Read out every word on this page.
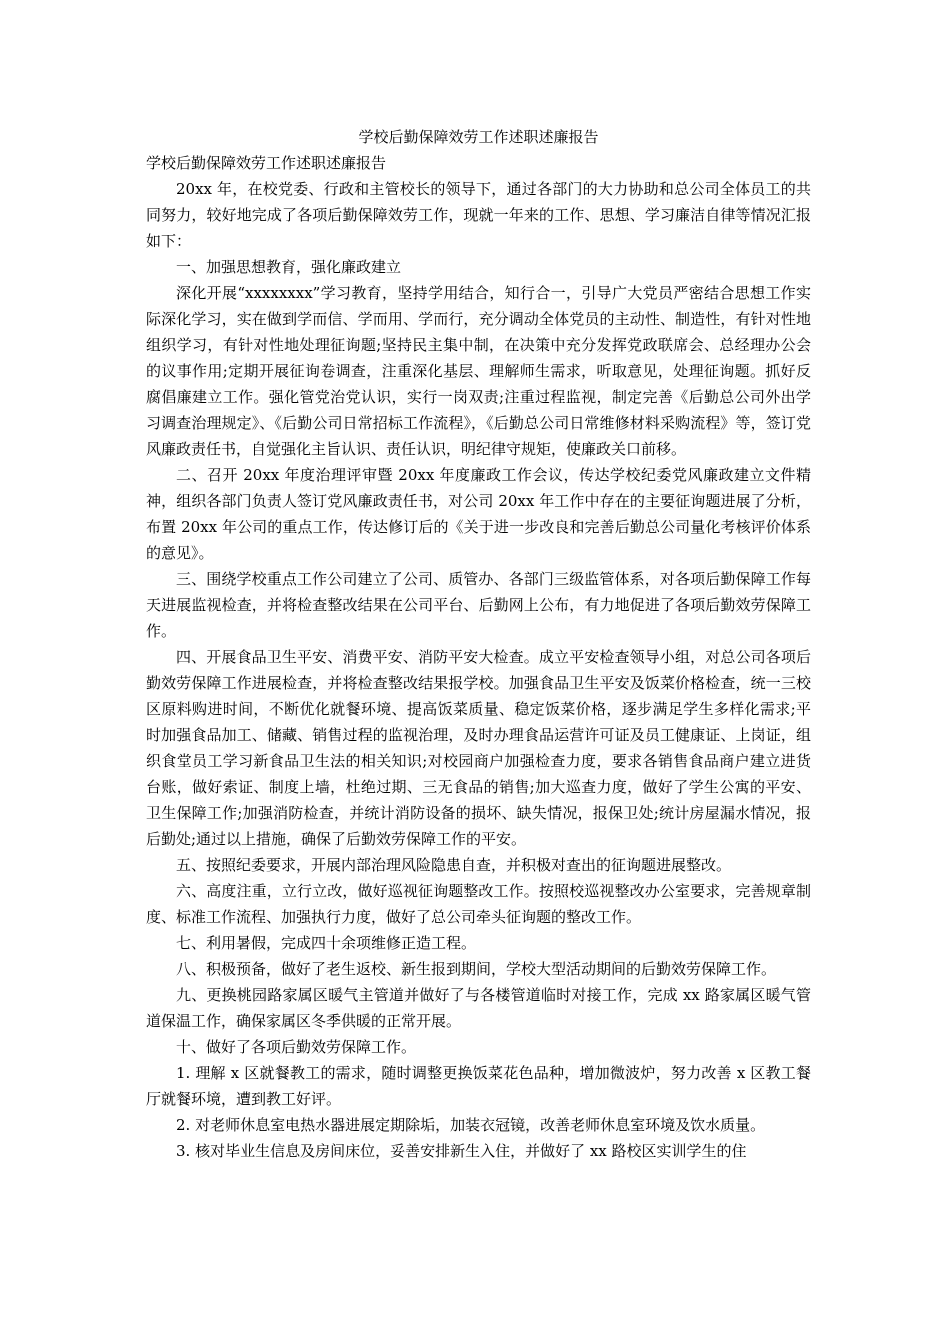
学校后勤保障效劳工作述职述廉报告
学校后勤保障效劳工作述职述廉报告

20xx 年，在校党委、行政和主管校长的领导下，通过各部门的大力协助和总公司全体员工的共同努力，较好地完成了各项后勤保障效劳工作，现就一年来的工作、思想、学习廉洁自律等情况汇报如下：

一、加强思想教育，强化廉政建立

深化开展“xxxxxxxx”学习教育，坚持学用结合，知行合一，引导广大党员严密结合思想工作实际深化学习，实在做到学而信、学而用、学而行，充分调动全体党员的主动性、制造性，有针对性地组织学习，有针对性地处理征询题;坚持民主集中制，在决策中充分发挥党政联席会、总经理办公会的议事作用;定期开展征询卷调查，注重深化基层、理解师生需求，听取意见，处理征询题。抓好反腐倡廉建立工作。强化管党治党认识，实行一岗双责;注重过程监视，制定完善《后勤总公司外出学习调查治理规定》、《后勤公司日常招标工作流程》，《后勤总公司日常维修材料采购流程》等，签订党风廉政责任书，自觉强化主旨认识、责任认识，明纪律守规矩，使廉政关口前移。

二、召开 20xx 年度治理评审暨 20xx 年度廉政工作会议，传达学校纪委党风廉政建立文件精神，组织各部门负责人签订党风廉政责任书，对公司 20xx 年工作中存在的主要征询题进展了分析，布置 20xx 年公司的重点工作，传达修订后的《关于进一步改良和完善后勤总公司量化考核评价体系的意见》。

三、围绕学校重点工作公司建立了公司、质管办、各部门三级监管体系，对各项后勤保障工作每天进展监视检查，并将检查整改结果在公司平台、后勤网上公布，有力地促进了各项后勤效劳保障工作。

四、开展食品卫生平安、消费平安、消防平安大检查。成立平安检查领导小组，对总公司各项后勤效劳保障工作进展检查，并将检查整改结果报学校。加强食品卫生平安及饭菜价格检查，统一三校区原料购进时间，不断优化就餐环境、提高饭菜质量、稳定饭菜价格，逐步满足学生多样化需求;平时加强食品加工、储藏、销售过程的监视治理，及时办理食品运营许可证及员工健康证、上岗证，组织食堂员工学习新食品卫生法的相关知识;对校园商户加强检查力度，要求各销售食品商户建立进货台账，做好索证、制度上墙，杜绝过期、三无食品的销售;加大巡查力度，做好了学生公寓的平安、卫生保障工作;加强消防检查，并统计消防设备的损坏、缺失情况，报保卫处;统计房屋漏水情况，报后勤处;通过以上措施，确保了后勤效劳保障工作的平安。

五、按照纪委要求，开展内部治理风险隐患自查，并积极对查出的征询题进展整改。

六、高度注重，立行立改，做好巡视征询题整改工作。按照校巡视整改办公室要求，完善规章制度、标准工作流程、加强执行力度，做好了总公司牵头征询题的整改工作。

七、利用暑假，完成四十余项维修正造工程。

八、积极预备，做好了老生返校、新生报到期间，学校大型活动期间的后勤效劳保障工作。

九、更换桃园路家属区暖气主管道并做好了与各楼管道临时对接工作，完成 xx 路家属区暖气管道保温工作，确保家属区冬季供暖的正常开展。

十、做好了各项后勤效劳保障工作。

1. 理解 x 区就餐教工的需求，随时调整更换饭菜花色品种，增加微波炉，努力改善 x 区教工餐厅就餐环境，遭到教工好评。

2. 对老师休息室电热水器进展定期除垢，加装衣冠镜，改善老师休息室环境及饮水质量。

3. 核对毕业生信息及房间床位，妥善安排新生入住，并做好了 xx 路校区实训学生的住
